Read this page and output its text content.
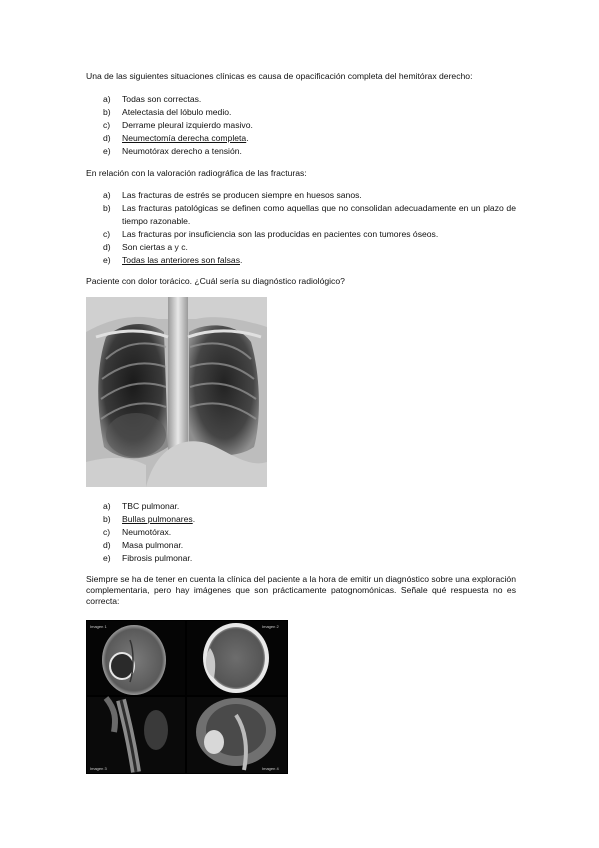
Una de las siguientes situaciones clínicas es causa de opacificación completa del hemitórax derecho:
a)	Todas son correctas.
b)	Atelectasia del lóbulo medio.
c)	Derrame pleural izquierdo masivo.
d)	Neumectomía derecha completa.
e)	Neumotórax derecho a tensión.
En relación con la valoración radiográfica de las fracturas:
a)	Las fracturas de estrés se producen siempre en huesos sanos.
b)	Las fracturas patológicas se definen como aquellas que no consolidan adecuadamente en un plazo de tiempo razonable.
c)	Las fracturas por insuficiencia son las producidas en pacientes con tumores óseos.
d)	Son ciertas a y c.
e)	Todas las anteriores son falsas.
Paciente con dolor torácico. ¿Cuál sería su diagnóstico radiológico?
a)	TBC pulmonar.
b)	Bullas pulmonares.
c)	Neumotórax.
d)	Masa pulmonar.
e)	Fibrosis pulmonar.
Siempre se ha de tener en cuenta la clínica del paciente a la hora de emitir un diagnóstico sobre una exploración complementaria, pero hay imágenes que son prácticamente patognomónicas. Señale qué respuesta no es correcta:
Imagen 1	Imagen 2
Imagen 3	Imagen 4
